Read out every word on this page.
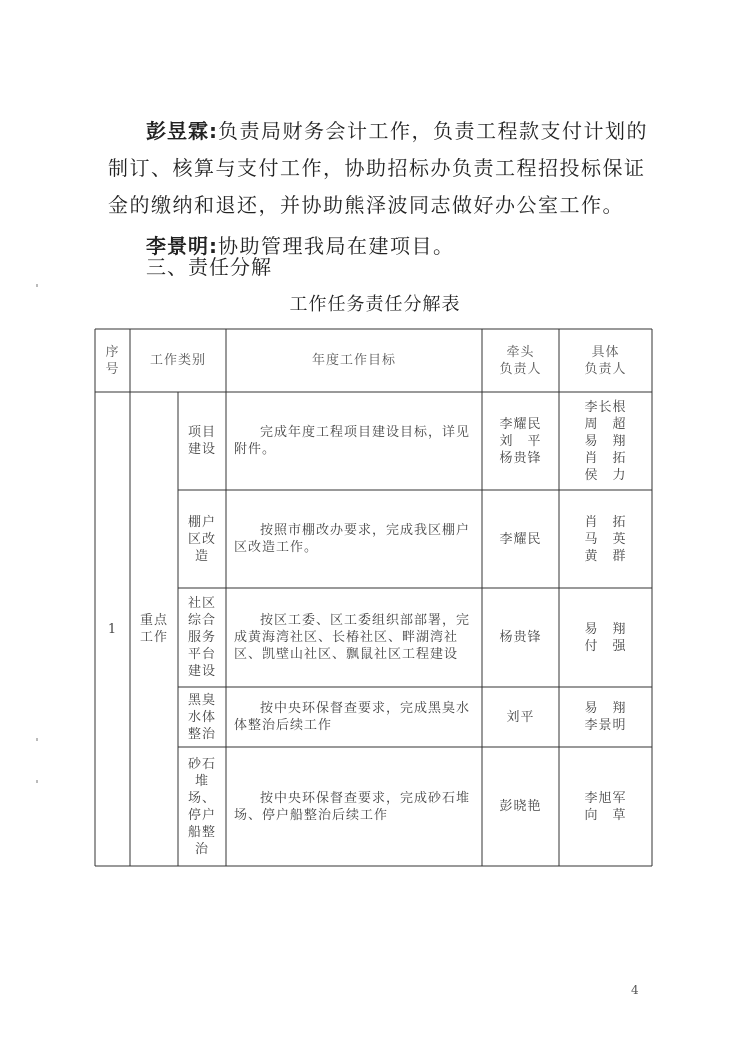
彭昱霖:负责局财务会计工作，负责工程款支付计划的制订、核算与支付工作，协助招标办负责工程招投标保证金的缴纳和退还，并协助熊泽波同志做好办公室工作。

李景明:协助管理我局在建项目。

三、责任分解
工作任务责任分解表
序
号
工作类别	年度工作目标
牵头
负责人
具体
负责人
1
重点
工作
项目
建设
完成年度工程项目建设目标，详见附件。
李耀民
刘　平
杨贵锋
李长根
周　超
易　翔
肖　拓
侯　力
棚户
区改
造
按照市棚改办要求，完成我区棚户区改造工作。
李耀民
肖　拓
马　英
黄　群
社区
综合
服务
平台
建设
按区工委、区工委组织部部署，完成黄海湾社区、长椿社区、畔湖湾社区、凯壁山社区、飘鼠社区工程建设
杨贵锋
易　翔
付　强
黑臭
水体
整治
按中央环保督查要求，完成黑臭水体整治后续工作
刘平
易　翔
李景明
砂石
堆
场、
停户
船整
治
按中央环保督查要求，完成砂石堆场、停户船整治后续工作
彭晓艳
李旭军
向　草
4
